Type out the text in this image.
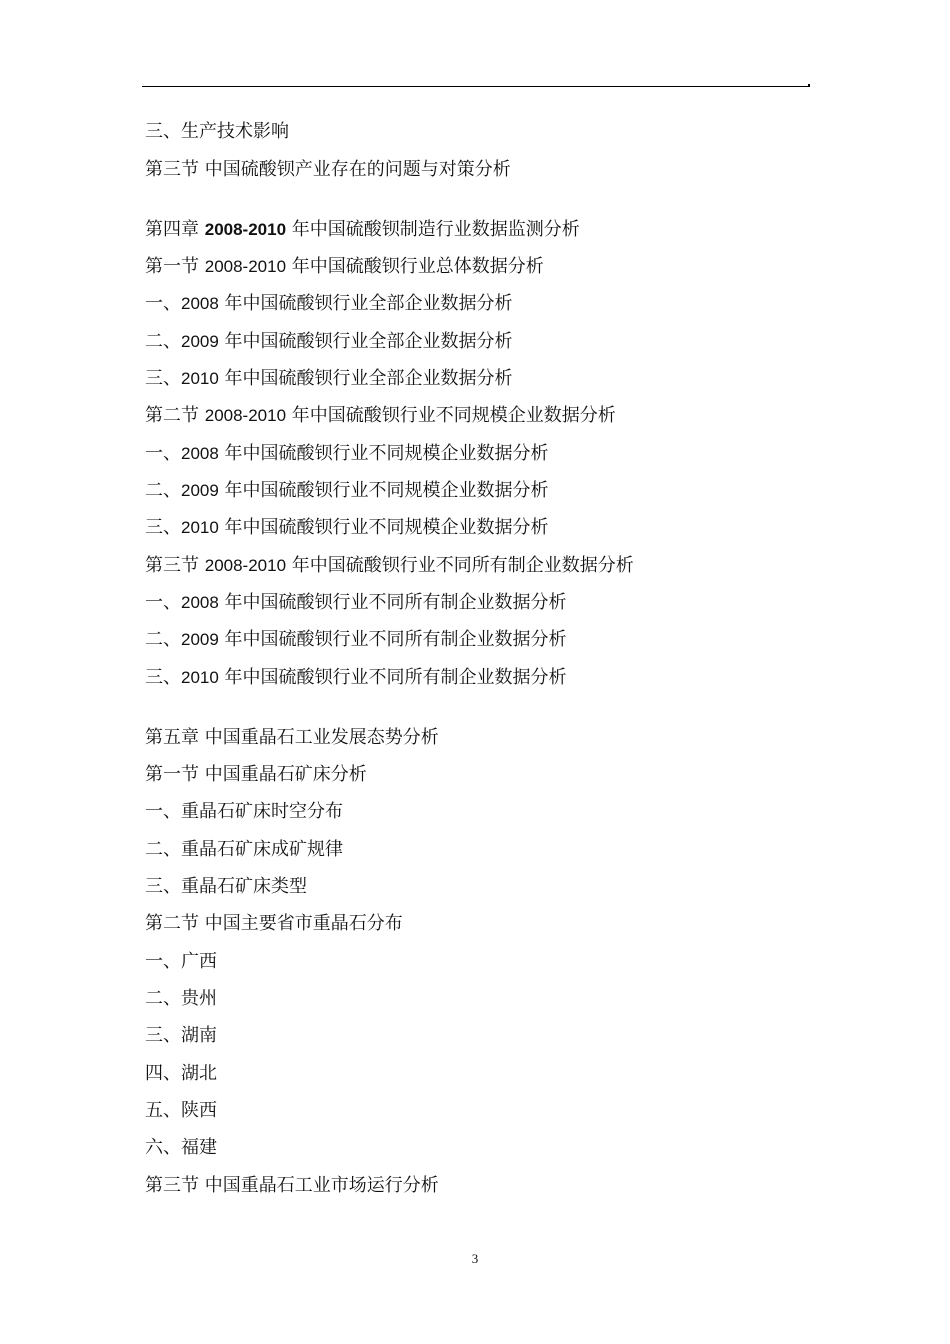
三、生产技术影响
第三节 中国硫酸钡产业存在的问题与对策分析
第四章 2008-2010 年中国硫酸钡制造行业数据监测分析
第一节 2008-2010 年中国硫酸钡行业总体数据分析
一、2008 年中国硫酸钡行业全部企业数据分析
二、2009 年中国硫酸钡行业全部企业数据分析
三、2010 年中国硫酸钡行业全部企业数据分析
第二节 2008-2010 年中国硫酸钡行业不同规模企业数据分析
一、2008 年中国硫酸钡行业不同规模企业数据分析
二、2009 年中国硫酸钡行业不同规模企业数据分析
三、2010 年中国硫酸钡行业不同规模企业数据分析
第三节 2008-2010 年中国硫酸钡行业不同所有制企业数据分析
一、2008 年中国硫酸钡行业不同所有制企业数据分析
二、2009 年中国硫酸钡行业不同所有制企业数据分析
三、2010 年中国硫酸钡行业不同所有制企业数据分析
第五章 中国重晶石工业发展态势分析
第一节 中国重晶石矿床分析
一、重晶石矿床时空分布
二、重晶石矿床成矿规律
三、重晶石矿床类型
第二节 中国主要省市重晶石分布
一、广西
二、贵州
三、湖南
四、湖北
五、陕西
六、福建
第三节 中国重晶石工业市场运行分析
3
